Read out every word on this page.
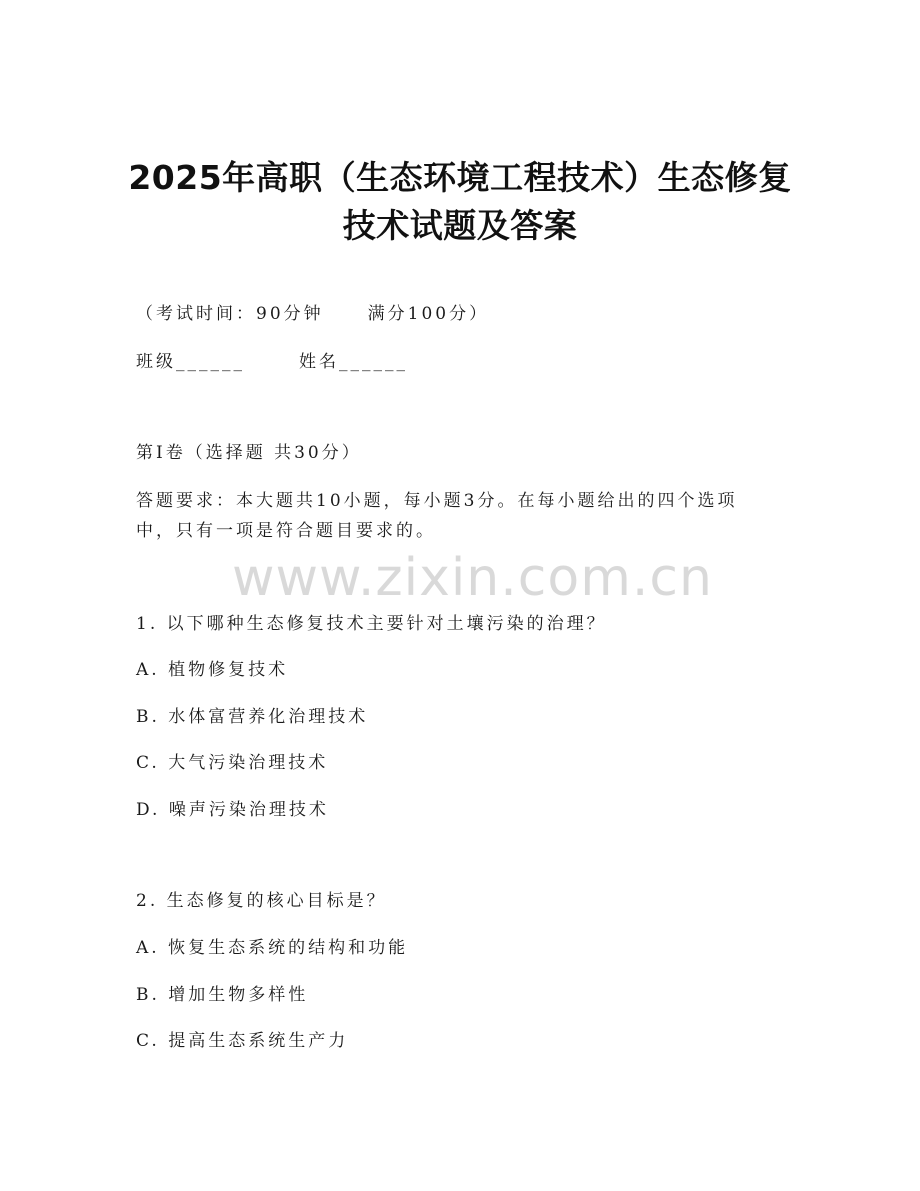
2025年高职（生态环境工程技术）生态修复
技术试题及答案
（考试时间：90分钟	满分100分）
班级______	姓名______
第I卷（选择题 共30分）
答题要求：本大题共10小题，每小题3分。在每小题给出的四个选项
中，只有一项是符合题目要求的。
www.zixin.com.cn
1. 以下哪种生态修复技术主要针对土壤污染的治理？
A. 植物修复技术
B. 水体富营养化治理技术
C. 大气污染治理技术
D. 噪声污染治理技术
2. 生态修复的核心目标是？
A. 恢复生态系统的结构和功能
B. 增加生物多样性
C. 提高生态系统生产力
